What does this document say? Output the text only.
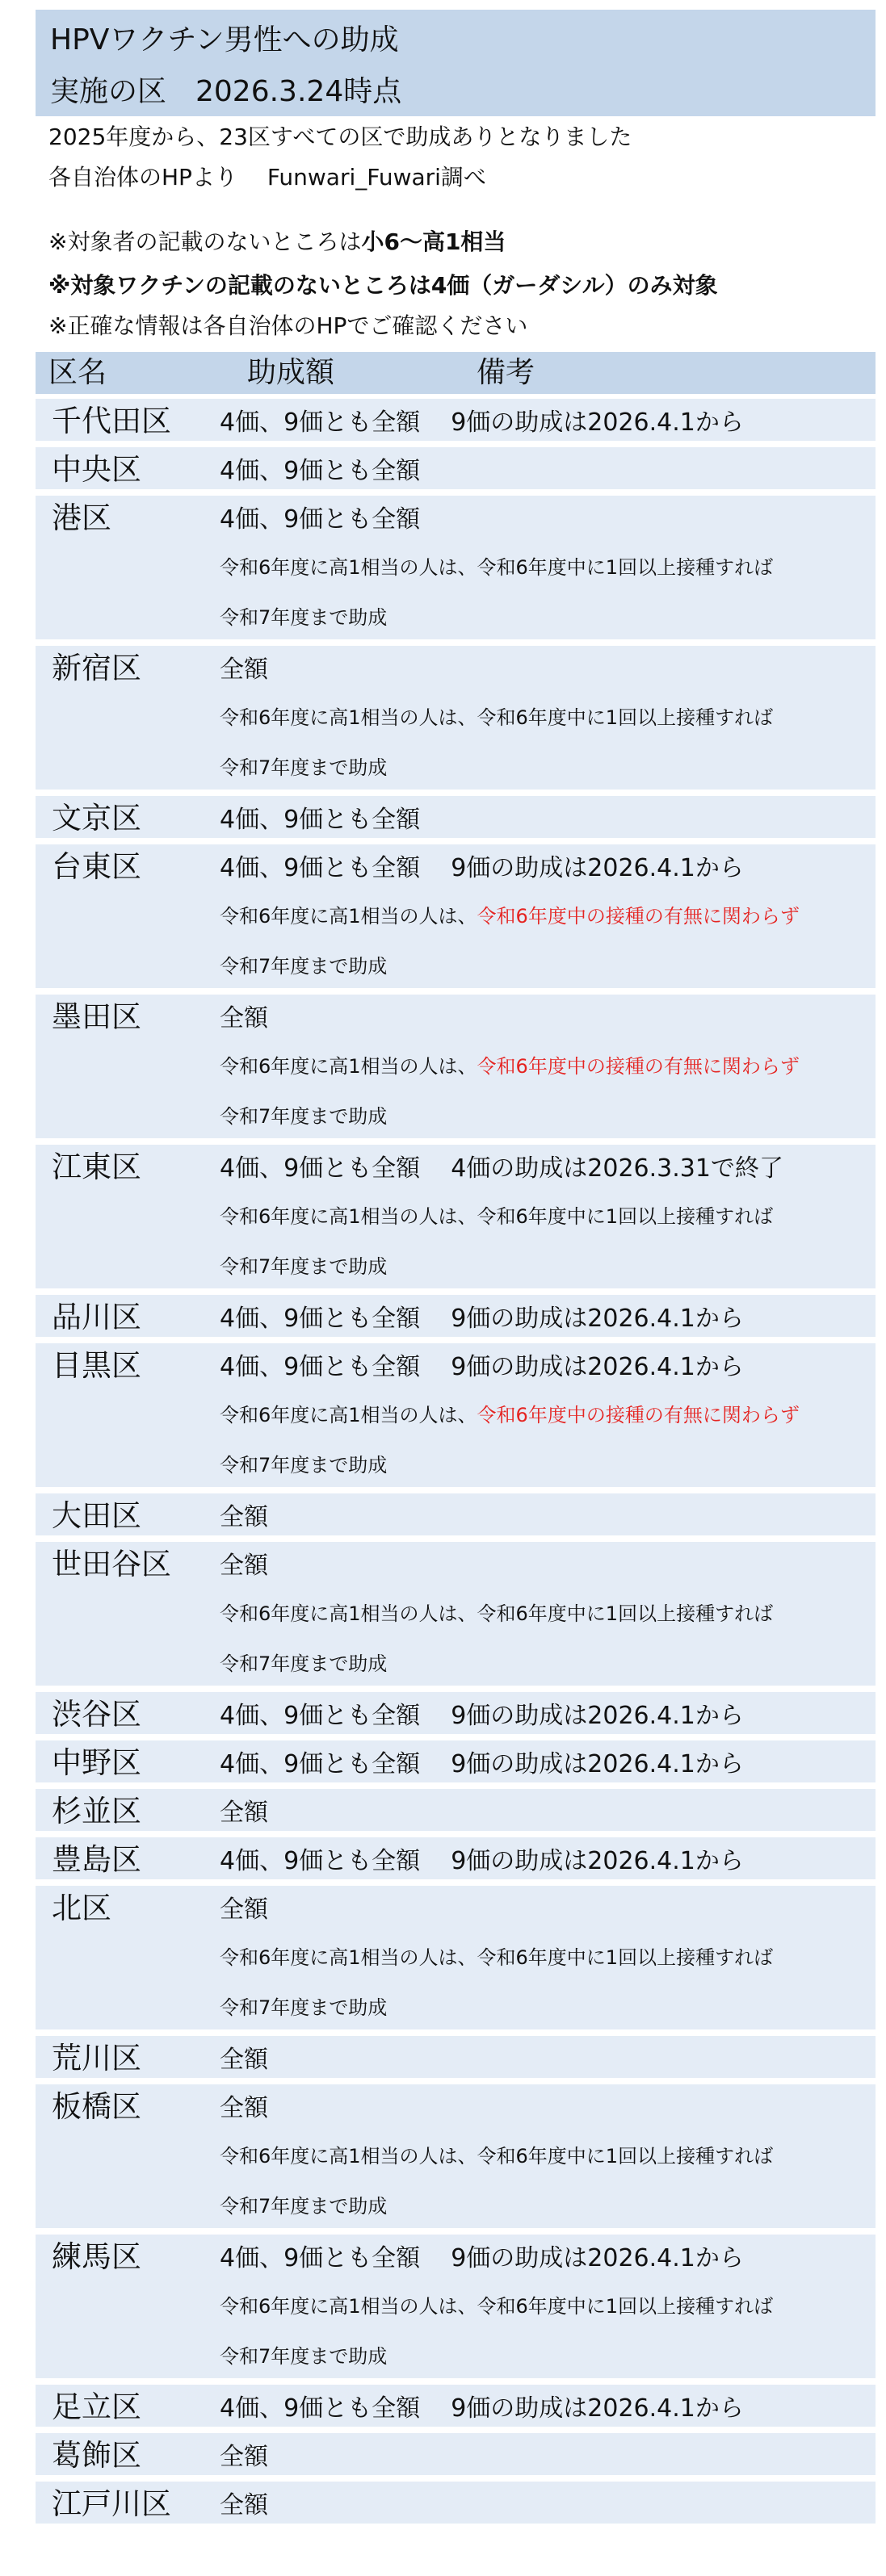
HPVワクチン男性への助成
実施の区　2026.3.24時点
2025年度から、23区すべての区で助成ありとなりました
各自治体のHPより　 Funwari_Fuwari調べ
※対象者の記載のないところは小6～高1相当
※対象ワクチンの記載のないところは4価（ガーダシル）のみ対象
※正確な情報は各自治体のHPでご確認ください
区名	助成額	備考
千代田区 4価、9価とも全額 9価の助成は2026.4.1から
中央区	4価、9価とも全額
港区	4価、9価とも全額
令和6年度に高1相当の人は、令和6年度中に1回以上接種すれば
令和7年度まで助成
新宿区	全額
令和6年度に高1相当の人は、令和6年度中に1回以上接種すれば
令和7年度まで助成
文京区	4価、9価とも全額
台東区	4価、9価とも全額 9価の助成は2026.4.1から
令和6年度に高1相当の人は、令和6年度中の接種の有無に関わらず
令和7年度まで助成
墨田区	全額
令和6年度に高1相当の人は、令和6年度中の接種の有無に関わらず
令和7年度まで助成
江東区	4価、9価とも全額 4価の助成は2026.3.31で終了
令和6年度に高1相当の人は、令和6年度中に1回以上接種すれば
令和7年度まで助成
品川区	4価、9価とも全額 9価の助成は2026.4.1から
目黒区	4価、9価とも全額 9価の助成は2026.4.1から
令和6年度に高1相当の人は、令和6年度中の接種の有無に関わらず
令和7年度まで助成
大田区	全額
世田谷区 全額
令和6年度に高1相当の人は、令和6年度中に1回以上接種すれば
令和7年度まで助成
渋谷区	4価、9価とも全額 9価の助成は2026.4.1から
中野区	4価、9価とも全額 9価の助成は2026.4.1から
杉並区	全額
豊島区	4価、9価とも全額 9価の助成は2026.4.1から
北区	全額
令和6年度に高1相当の人は、令和6年度中に1回以上接種すれば
令和7年度まで助成
荒川区	全額
板橋区	全額
令和6年度に高1相当の人は、令和6年度中に1回以上接種すれば
令和7年度まで助成
練馬区	4価、9価とも全額 9価の助成は2026.4.1から
令和6年度に高1相当の人は、令和6年度中に1回以上接種すれば
令和7年度まで助成
足立区	4価、9価とも全額 9価の助成は2026.4.1から
葛飾区	全額
江戸川区 全額
